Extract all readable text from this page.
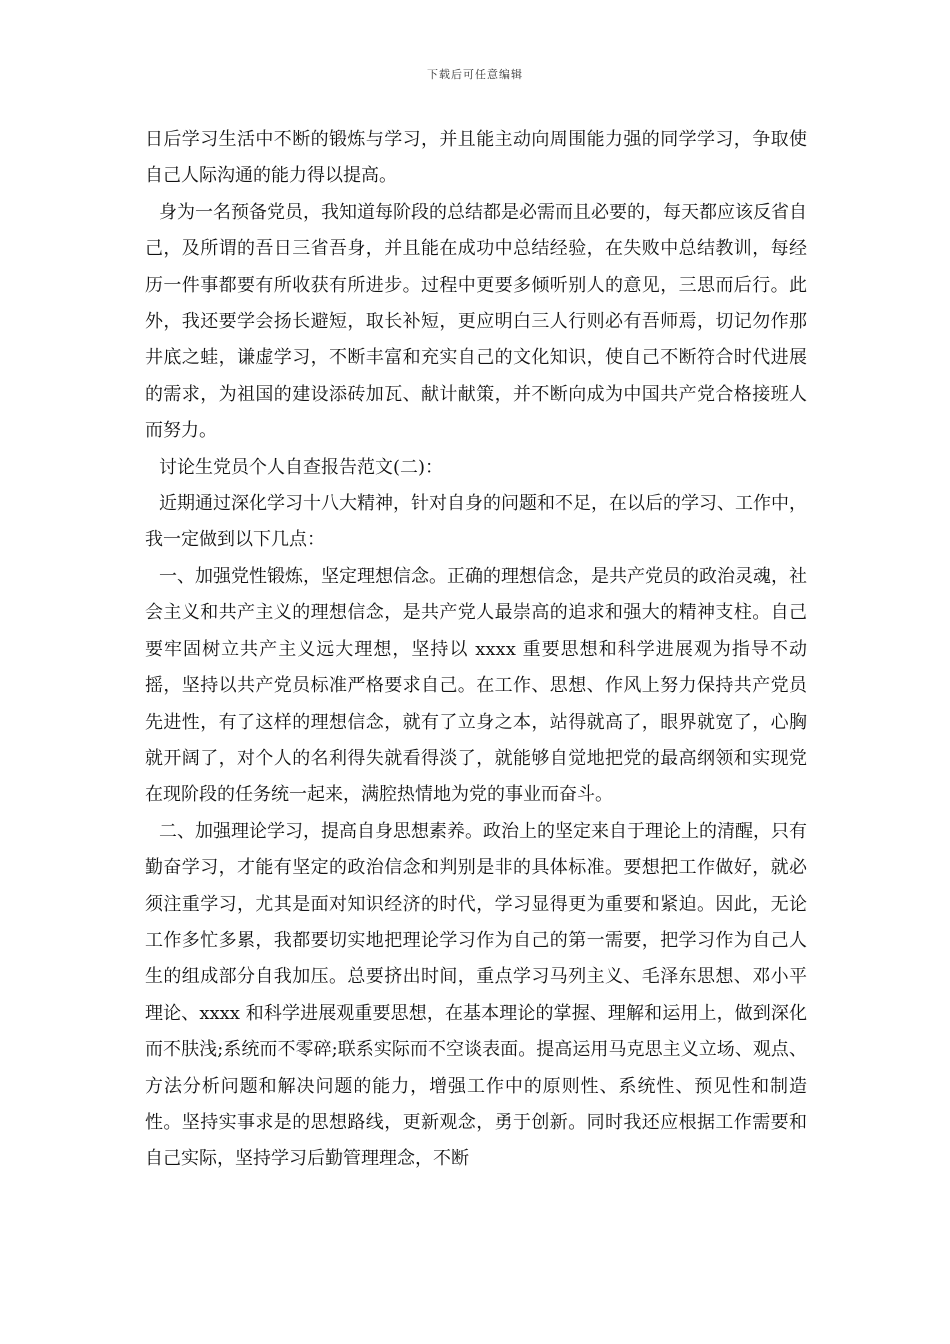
下载后可任意编辑

日后学习生活中不断的锻炼与学习，并且能主动向周围能力强的同学学习，争取使自己人际沟通的能力得以提高。

身为一名预备党员，我知道每阶段的总结都是必需而且必要的，每天都应该反省自己，及所谓的吾日三省吾身，并且能在成功中总结经验，在失败中总结教训，每经历一件事都要有所收获有所进步。过程中更要多倾听别人的意见，三思而后行。此外，我还要学会扬长避短，取长补短，更应明白三人行则必有吾师焉，切记勿作那井底之蛙，谦虚学习，不断丰富和充实自己的文化知识，使自己不断符合时代进展的需求，为祖国的建设添砖加瓦、献计献策，并不断向成为中国共产党合格接班人而努力。

讨论生党员个人自查报告范文(二)：

近期通过深化学习十八大精神，针对自身的问题和不足，在以后的学习、工作中，我一定做到以下几点：

一、加强党性锻炼，坚定理想信念。正确的理想信念，是共产党员的政治灵魂，社会主义和共产主义的理想信念，是共产党人最崇高的追求和强大的精神支柱。自己要牢固树立共产主义远大理想，坚持以 xxxx 重要思想和科学进展观为指导不动摇，坚持以共产党员标准严格要求自己。在工作、思想、作风上努力保持共产党员先进性，有了这样的理想信念，就有了立身之本，站得就高了，眼界就宽了，心胸就开阔了，对个人的名利得失就看得淡了，就能够自觉地把党的最高纲领和实现党在现阶段的任务统一起来，满腔热情地为党的事业而奋斗。

二、加强理论学习，提高自身思想素养。政治上的坚定来自于理论上的清醒，只有勤奋学习，才能有坚定的政治信念和判别是非的具体标准。要想把工作做好，就必须注重学习，尤其是面对知识经济的时代，学习显得更为重要和紧迫。因此，无论工作多忙多累，我都要切实地把理论学习作为自己的第一需要，把学习作为自己人生的组成部分自我加压。总要挤出时间，重点学习马列主义、毛泽东思想、邓小平理论、xxxx 和科学进展观重要思想，在基本理论的掌握、理解和运用上，做到深化而不肤浅;系统而不零碎;联系实际而不空谈表面。提高运用马克思主义立场、观点、方法分析问题和解决问题的能力，增强工作中的原则性、系统性、预见性和制造性。坚持实事求是的思想路线，更新观念，勇于创新。同时我还应根据工作需要和自己实际，坚持学习后勤管理理念，不断
